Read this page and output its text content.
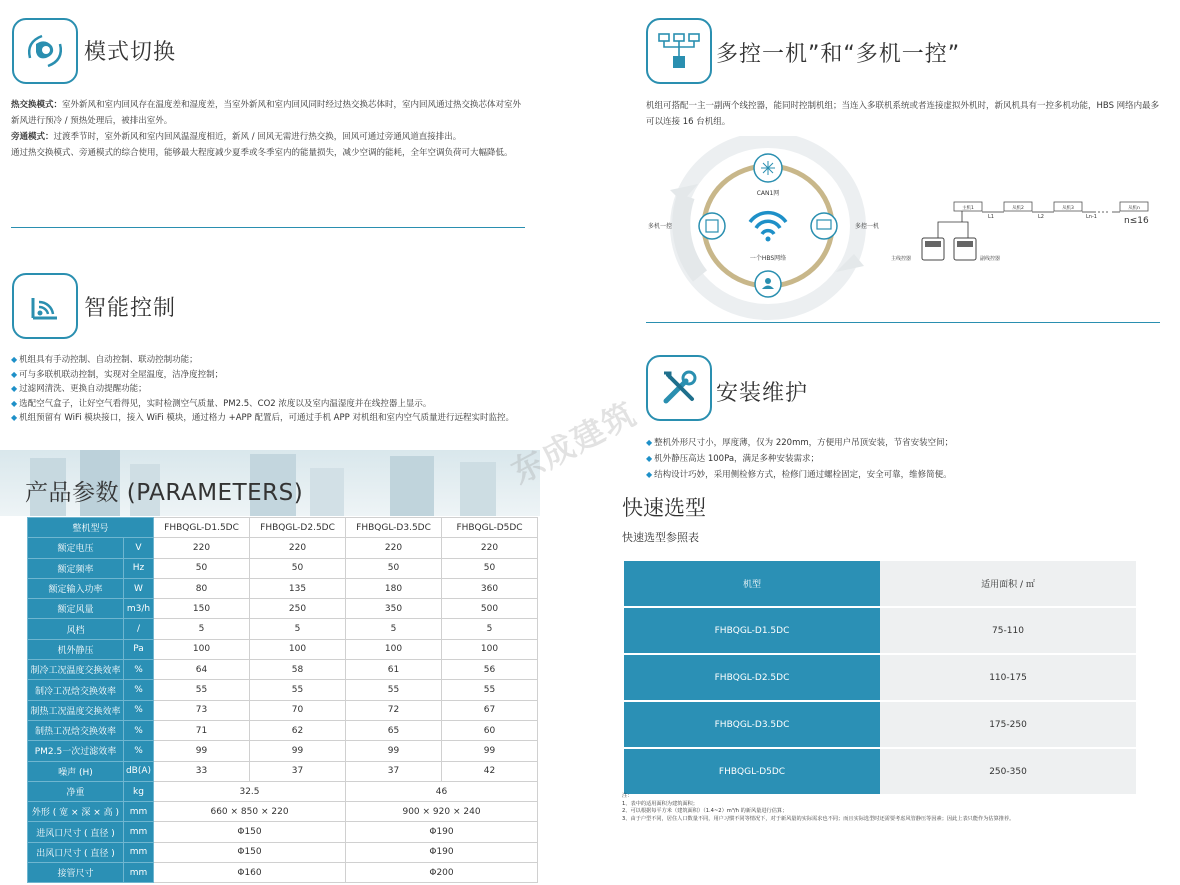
模式切换
热交换模式：室外新风和室内回风存在温度差和湿度差，当室外新风和室内回风同时经过热交换芯体时，室内回风通过热交换芯体对室外新风进行预冷 / 预热处理后，被排出室外。
旁通模式：过渡季节时，室外新风和室内回风温湿度相近，新风 / 回风无需进行热交换，回风可通过旁通风道直接排出。
通过热交换模式、旁通模式的综合使用，能够最大程度减少夏季或冬季室内的能量损失，减少空调的能耗，全年空调负荷可大幅降低。
智能控制
◆ 机组具有手动控制、自动控制、联动控制功能；
◆ 可与多联机联动控制，实现对全屋温度，洁净度控制；
◆ 过滤网清洗、更换自动提醒功能；
◆ 选配空气盒子，让好空气看得见，实时检测空气质量、PM2.5、CO2 浓度以及室内温湿度并在线控器上显示。
◆ 机组预留有 WiFi 模块接口，接入 WiFi 模块，通过格力 +APP 配置后，可通过手机 APP 对机组和室内空气质量进行远程实时监控。
产品参数 (PARAMETERS)
整机型号		FHBQGL-D1.5DC	FHBQGL-D2.5DC	FHBQGL-D3.5DC	FHBQGL-D5DC
额定电压	V	220	220	220	220
额定频率	Hz	50	50	50	50
额定输入功率	W	80	135	180	360
额定风量	m3/h	150	250	350	500
风档	/	5	5	5	5
机外静压	Pa	100	100	100	100
制冷工况温度交换效率	%	64	58	61	56
制冷工况焓交换效率	%	55	55	55	55
制热工况温度交换效率	%	73	70	72	67
制热工况焓交换效率	%	71	62	65	60
PM2.5一次过滤效率	%	99	99	99	99
噪声 (H)	dB(A)	33	37	37	42
净重	kg	32.5		46	
外形 ( 宽 × 深 × 高 )	mm	660 × 850 × 220		900 × 920 × 240	
进风口尺寸 ( 直径 )	mm	Φ150		Φ190	
出风口尺寸 ( 直径 )	mm	Φ150		Φ190	
接管尺寸	mm	Φ160		Φ200	
东成建筑
多控一机”和“多机一控”
机组可搭配一主一副两个线控器，能同时控制机组；当连入多联机系统或者连接虚拟外机时，新风机具有一控多机功能，HBS 网络内最多可以连接 16 台机组。
CAN1网
一个HBS网络
多机一控	多控一机
主机1	从机2	从机3	从机n
L1	L2	Ln-1	n≤16
主线控器	副线控器
安装维护
◆ 整机外形尺寸小，厚度薄，仅为 220mm，方便用户吊顶安装，节省安装空间；
◆ 机外静压高达 100Pa，满足多种安装需求；
◆ 结构设计巧妙，采用侧检修方式，检修门通过螺栓固定，安全可靠，维修简便。
快速选型
快速选型参照表
机型	适用面积 / ㎡
FHBQGL-D1.5DC	75-110
FHBQGL-D2.5DC	110-175
FHBQGL-D3.5DC	175-250
FHBQGL-D5DC	250-350
注：
1、表中的适用面积为建筑面积；
2、可以根据每平方米（建筑面积）（1.4~2）m³/h 的新风量进行估算；
3、由于户型不同，居住人口数量不同，用户习惯不同等情况下，对于新风量的实际需求也不同；而且实际选型时还需要考虑风管静压等因素；因此上表只能作为估算推荐。
